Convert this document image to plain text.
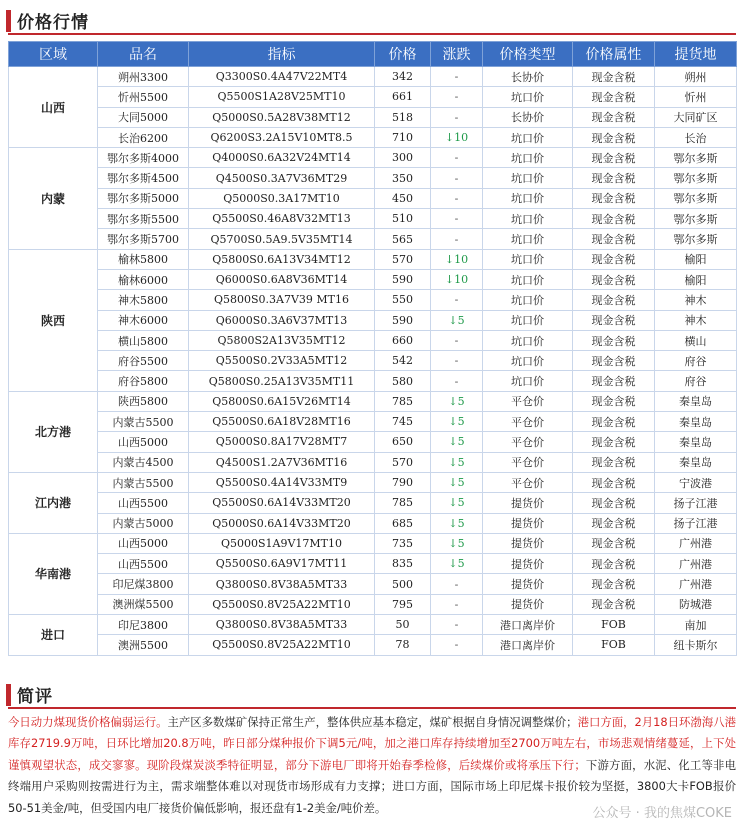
价格行情
区域	品名	指标	价格	涨跌	价格类型	价格属性	提货地
山西	朔州3300	Q3300S0.4A47V22MT4	342	-	长协价	现金含税	朔州
	忻州5500	Q5500S1A28V25MT10	661	-	坑口价	现金含税	忻州
	大同5000	Q5000S0.5A28V38MT12	518	-	长协价	现金含税	大同矿区
	长治6200	Q6200S3.2A15V10MT8.5	710	↓10	坑口价	现金含税	长治
内蒙	鄂尔多斯4000	Q4000S0.6A32V24MT14	300	-	坑口价	现金含税	鄂尔多斯
	鄂尔多斯4500	Q4500S0.3A7V36MT29	350	-	坑口价	现金含税	鄂尔多斯
	鄂尔多斯5000	Q5000S0.3A17MT10	450	-	坑口价	现金含税	鄂尔多斯
	鄂尔多斯5500	Q5500S0.46A8V32MT13	510	-	坑口价	现金含税	鄂尔多斯
	鄂尔多斯5700	Q5700S0.5A9.5V35MT14	565	-	坑口价	现金含税	鄂尔多斯
陕西	榆林5800	Q5800S0.6A13V34MT12	570	↓10	坑口价	现金含税	榆阳
	榆林6000	Q6000S0.6A8V36MT14	590	↓10	坑口价	现金含税	榆阳
	神木5800	Q5800S0.3A7V39 MT16	550	-	坑口价	现金含税	神木
	神木6000	Q6000S0.3A6V37MT13	590	↓5	坑口价	现金含税	神木
	横山5800	Q5800S2A13V35MT12	660	-	坑口价	现金含税	横山
	府谷5500	Q5500S0.2V33A5MT12	542	-	坑口价	现金含税	府谷
	府谷5800	Q5800S0.25A13V35MT11	580	-	坑口价	现金含税	府谷
北方港	陕西5800	Q5800S0.6A15V26MT14	785	↓5	平仓价	现金含税	秦皇岛
	内蒙古5500	Q5500S0.6A18V28MT16	745	↓5	平仓价	现金含税	秦皇岛
	山西5000	Q5000S0.8A17V28MT7	650	↓5	平仓价	现金含税	秦皇岛
	内蒙古4500	Q4500S1.2A7V36MT16	570	↓5	平仓价	现金含税	秦皇岛
江内港	内蒙古5500	Q5500S0.4A14V33MT9	790	↓5	平仓价	现金含税	宁波港
	山西5500	Q5500S0.6A14V33MT20	785	↓5	提货价	现金含税	扬子江港
	内蒙古5000	Q5000S0.6A14V33MT20	685	↓5	提货价	现金含税	扬子江港
华南港	山西5000	Q5000S1A9V17MT10	735	↓5	提货价	现金含税	广州港
	山西5500	Q5500S0.6A9V17MT11	835	↓5	提货价	现金含税	广州港
	印尼煤3800	Q3800S0.8V38A5MT33	500	-	提货价	现金含税	广州港
	澳洲煤5500	Q5500S0.8V25A22MT10	795	-	提货价	现金含税	防城港
进口	印尼3800	Q3800S0.8V38A5MT33	50	-	港口离岸价	FOB	南加
	澳洲5500	Q5500S0.8V25A22MT10	78	-	港口离岸价	FOB	纽卡斯尔
简评
今日动力煤现货价格偏弱运行。主产区多数煤矿保持正常生产，整体供应基本稳定，煤矿根据自身情况调整煤价；港口方面，2月18日环渤海八港库存2719.9万吨，日环比增加20.8万吨，昨日部分煤种报价下调5元/吨，加之港口库存持续增加至2700万吨左右，市场悲观情绪蔓延，上下处谨慎观望状态，成交寥寥。现阶段煤炭淡季特征明显，部分下游电厂即将开始春季检修，后续煤价或将承压下行；下游方面，水泥、化工等非电终端用户采购则按需进行为主，需求端整体难以对现货市场形成有力支撑；进口方面，国际市场上印尼煤卡报价较为坚挺，3800大卡FOB报价50-51美金/吨，但受国内电厂接货价偏低影响，报还盘有1-2美金/吨价差。	公众号 · 我的焦煤COKE
